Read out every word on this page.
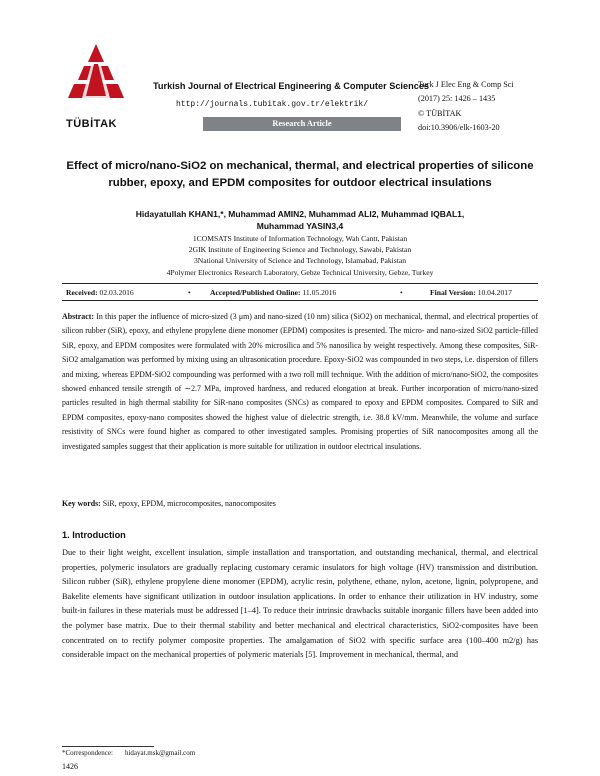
TÜBİTAK
Turkish Journal of Electrical Engineering & Computer Sciences
http://journals.tubitak.gov.tr/elektrik/
Research Article
Turk J Elec Eng & Comp Sci
(2017) 25: 1426 – 1435
© TÜBİTAK
doi:10.3906/elk-1603-20
Effect of micro/nano-SiO2 on mechanical, thermal, and electrical properties of silicone rubber, epoxy, and EPDM composites for outdoor electrical insulations
Hidayatullah KHAN1,*, Muhammad AMIN2, Muhammad ALI2, Muhammad IQBAL1,
Muhammad YASIN3,4
1COMSATS Institute of Information Technology, Wah Cantt, Pakistan
2GIK Institute of Engineering Science and Technology, Sawabi, Pakistan
3National University of Science and Technology, Islamabad, Pakistan
4Polymer Electronics Research Laboratory, Gebze Technical University, Gebze, Turkey
Received: 02.03.2016	•	Accepted/Published Online: 11.05.2016	•	Final Version: 10.04.2017
Abstract: In this paper the influence of micro-sized (3 μm) and nano-sized (10 nm) silica (SiO2) on mechanical, thermal, and electrical properties of silicon rubber (SiR), epoxy, and ethylene propylene diene monomer (EPDM) composites is presented. The micro- and nano-sized SiO2 particle-filled SiR, epoxy, and EPDM composites were formulated with 20% microsilica and 5% nanosilica by weight respectively. Among these composites, SiR-SiO2 amalgamation was performed by mixing using an ultrasonication procedure. Epoxy-SiO2 was compounded in two steps, i.e. dispersion of fillers and mixing, whereas EPDM-SiO2 compounding was performed with a two roll mill technique. With the addition of micro/nano-SiO2, the composites showed enhanced tensile strength of ∼2.7 MPa, improved hardness, and reduced elongation at break. Further incorporation of micro/nano-sized particles resulted in high thermal stability for SiR-nano composites (SNCs) as compared to epoxy and EPDM composites. Compared to SiR and EPDM composites, epoxy-nano composites showed the highest value of dielectric strength, i.e. 38.8 kV/mm. Meanwhile, the volume and surface resistivity of SNCs were found higher as compared to other investigated samples. Promising properties of SiR nanocomposites among all the investigated samples suggest that their application is more suitable for utilization in outdoor electrical insulations.
Key words: SiR, epoxy, EPDM, microcomposites, nanocomposites
1. Introduction
Due to their light weight, excellent insulation, simple installation and transportation, and outstanding mechanical, thermal, and electrical properties, polymeric insulators are gradually replacing customary ceramic insulators for high voltage (HV) transmission and distribution. Silicon rubber (SiR), ethylene propylene diene monomer (EPDM), acrylic resin, polythene, ethane, nylon, acetone, lignin, polypropene, and Bakelite elements have significant utilization in outdoor insulation applications. In order to enhance their utilization in HV industry, some built-in failures in these materials must be addressed [1–4]. To reduce their intrinsic drawbacks suitable inorganic fillers have been added into the polymer base matrix. Due to their thermal stability and better mechanical and electrical characteristics, SiO2-composites have been concentrated on to rectify polymer composite properties. The amalgamation of SiO2 with specific surface area (100–400 m2/g) has considerable impact on the mechanical properties of polymeric materials [5]. Improvement in mechanical, thermal, and
*Correspondence: hidayat.msk@gmail.com
1426
